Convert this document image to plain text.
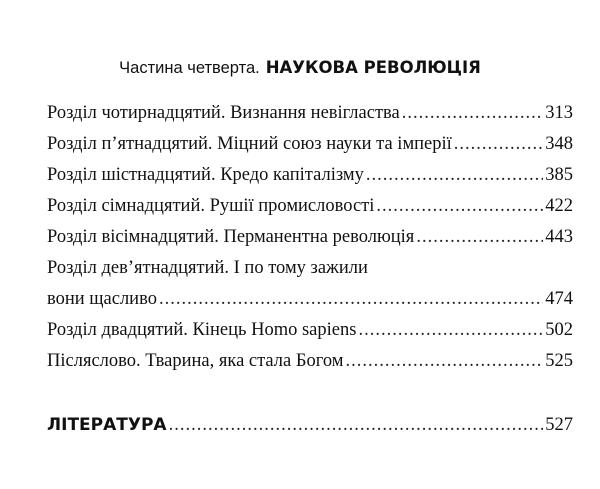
Частина четверта. НАУКОВА РЕВОЛЮЦІЯ
Розділ чотирнадцятий. Визнання невігластва .....	313
Розділ п’ятнадцятий. Міцний союз науки та імперії .....	348
Розділ шістнадцятий. Кредо капіталізму .....	385
Розділ сімнадцятий. Рушії промисловості .....	422
Розділ вісімнадцятий. Перманентна революція .....	443
Розділ дев’ятнадцятий. І по тому зажили
вони щасливо .....	474
Розділ двадцятий. Кінець Homo sapiens .....	502
Післяслово. Тварина, яка стала Богом .....	525
ЛІТЕРАТУРА .....	527
